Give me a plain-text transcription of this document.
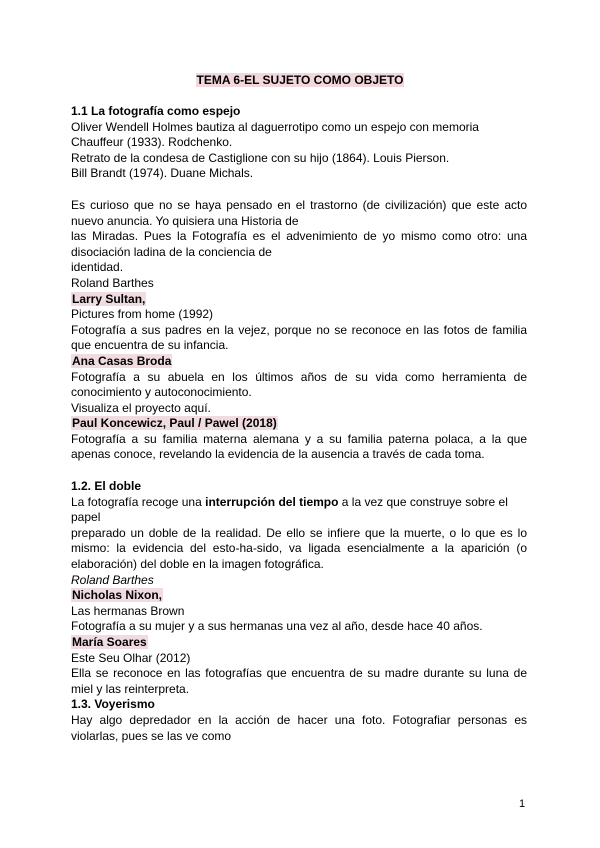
TEMA 6-EL SUJETO COMO OBJETO

1.1 La fotografía como espejo

Oliver Wendell Holmes bautiza al daguerrotipo como un espejo con memoria

Chauffeur (1933). Rodchenko.

Retrato de la condesa de Castiglione con su hijo (1864). Louis Pierson.

Bill Brandt (1974). Duane Michals.

Es curioso que no se haya pensado en el trastorno (de civilización) que este acto

nuevo anuncia. Yo quisiera una Historia de

las Miradas. Pues la Fotografía es el advenimiento de yo mismo como otro: una

disociación ladina de la conciencia de

identidad.

Roland Barthes

Larry Sultan,

Pictures from home (1992)

Fotografía a sus padres en la vejez, porque no se reconoce en las fotos de familia

que encuentra de su infancia.

Ana Casas Broda

Fotografía a su abuela en los últimos años de su vida como herramienta de

conocimiento y autoconocimiento.

Visualiza el proyecto aquí.

Paul Koncewicz, Paul / Pawel (2018)

Fotografía a su familia materna alemana y a su familia paterna polaca, a la que

apenas conoce, revelando la evidencia de la ausencia a través de cada toma.

1.2. El doble

La fotografía recoge una interrupción del tiempo a la vez que construye sobre el

papel

preparado un doble de la realidad. De ello se infiere que la muerte, o lo que es lo

mismo: la evidencia del esto-ha-sido, va ligada esencialmente a la aparición (o

elaboración) del doble en la imagen fotográfica.

Roland Barthes

Nicholas Nixon,

Las hermanas Brown

Fotografía a su mujer y a sus hermanas una vez al año, desde hace 40 años.

María Soares

Este Seu Olhar (2012)

Ella se reconoce en las fotografías que encuentra de su madre durante su luna de

miel y las reinterpreta.

1.3. Voyerismo

Hay algo depredador en la acción de hacer una foto. Fotografiar personas es

violarlas, pues se las ve como

1
